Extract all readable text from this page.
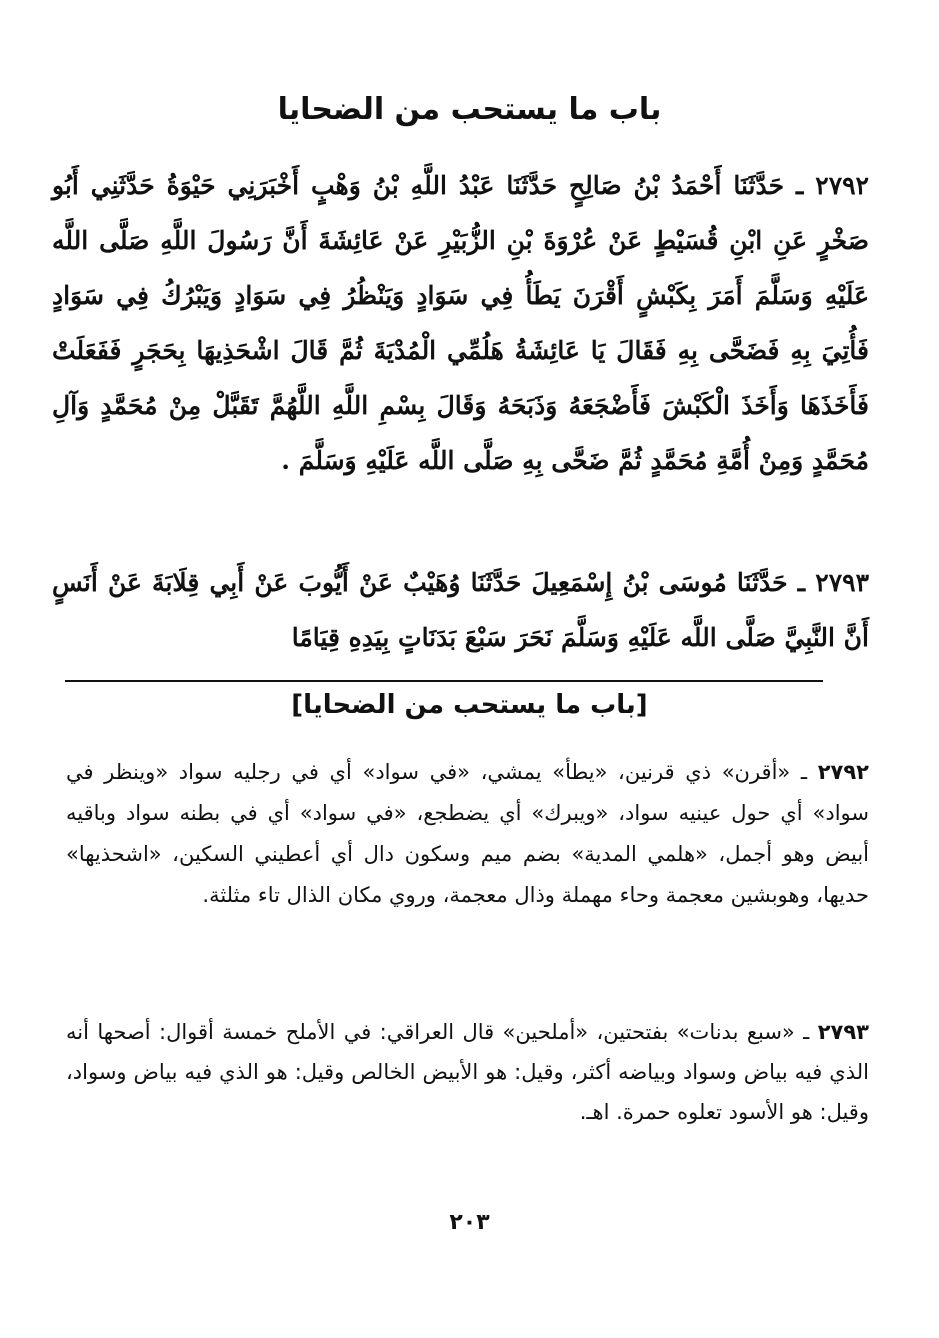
باب ما يستحب من الضحايا
٢٧٩٢ ـ حَدَّثَنَا أَحْمَدُ بْنُ صَالِحٍ حَدَّثَنَا عَبْدُ اللَّهِ بْنُ وَهْبٍ أَخْبَرَنِي حَيْوَةُ حَدَّثَنِي أَبُو صَخْرٍ عَنِ ابْنِ قُسَيْطٍ عَنْ عُرْوَةَ بْنِ الزُّبَيْرِ عَنْ عَائِشَةَ أَنَّ رَسُولَ اللَّهِ صَلَّى اللَّه عَلَيْهِ وَسَلَّمَ أَمَرَ بِكَبْشٍ أَقْرَنَ يَطَأُ فِي سَوَادٍ وَيَنْظُرُ فِي سَوَادٍ وَيَبْرُكُ فِي سَوَادٍ فَأُتِيَ بِهِ فَضَحَّى بِهِ فَقَالَ يَا عَائِشَةُ هَلُمِّي الْمُدْيَةَ ثُمَّ قَالَ اشْحَذِيهَا بِحَجَرٍ فَفَعَلَتْ فَأَخَذَهَا وَأَخَذَ الْكَبْشَ فَأَضْجَعَهُ وَذَبَحَهُ وَقَالَ بِسْمِ اللَّهِ اللَّهُمَّ تَقَبَّلْ مِنْ مُحَمَّدٍ وَآلِ مُحَمَّدٍ وَمِنْ أُمَّةِ مُحَمَّدٍ ثُمَّ ضَحَّى بِهِ صَلَّى اللَّه عَلَيْهِ وَسَلَّمَ .
٢٧٩٣ ـ حَدَّثَنَا مُوسَى بْنُ إِسْمَعِيلَ حَدَّثَنَا وُهَيْبٌ عَنْ أَيُّوبَ عَنْ أَبِي قِلَابَةَ عَنْ أَنَسٍ أَنَّ النَّبِيَّ صَلَّى اللَّه عَلَيْهِ وَسَلَّمَ نَحَرَ سَبْعَ بَدَنَاتٍ بِيَدِهِ قِيَامًا
[باب ما يستحب من الضحايا]
٢٧٩٢ ـ «أقرن» ذي قرنين، «يطأ» يمشي، «في سواد» أي في رجليه سواد «وينظر في سواد» أي حول عينيه سواد، «ويبرك» أي يضطجع، «في سواد» أي في بطنه سواد وباقيه أبيض وهو أجمل، «هلمي المدية» بضم ميم وسكون دال أي أعطيني السكين، «اشحذيها» حديها، وهوبشين معجمة وحاء مهملة وذال معجمة، وروي مكان الذال تاء مثلثة.
٢٧٩٣ ـ «سبع بدنات» بفتحتين، «أملحين» قال العراقي: في الأملح خمسة أقوال: أصحها أنه الذي فيه بياض وسواد وبياضه أكثر، وقيل: هو الأبيض الخالص وقيل: هو الذي فيه بياض وسواد، وقيل: هو الأسود تعلوه حمرة. اهـ.
٢٠٣
